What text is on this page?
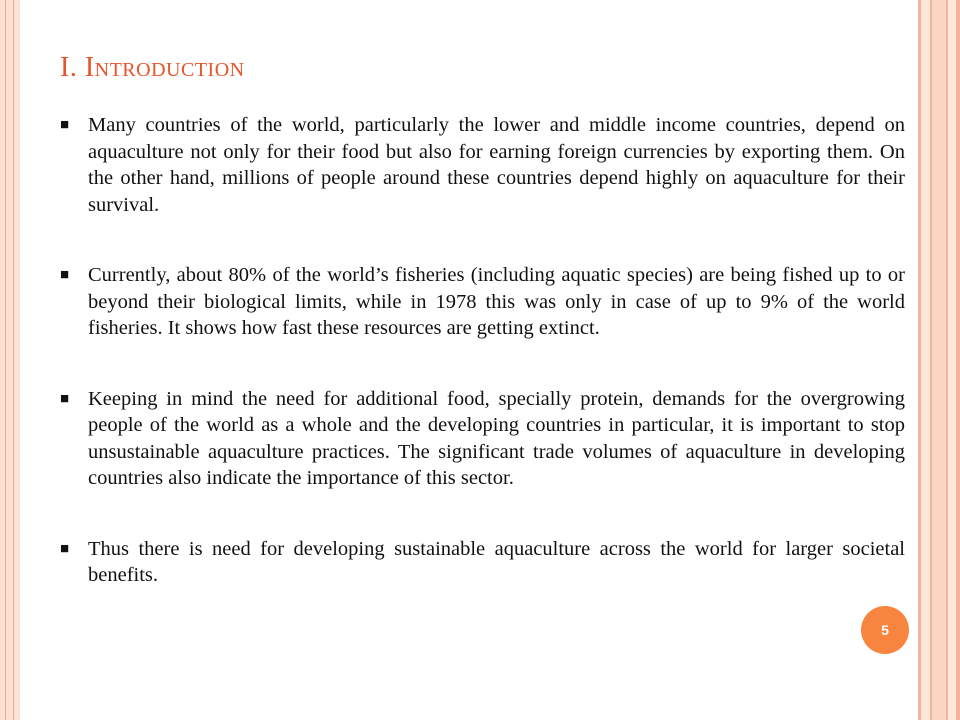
I. Introduction
■ Many countries of the world, particularly the lower and middle income countries, depend on aquaculture not only for their food but also for earning foreign currencies by exporting them. On the other hand, millions of people around these countries depend highly on aquaculture for their survival.
■ Currently, about 80% of the world’s fisheries (including aquatic species) are being fished up to or beyond their biological limits, while in 1978 this was only in case of up to 9% of the world fisheries. It shows how fast these resources are getting extinct.
■ Keeping in mind the need for additional food, specially protein, demands for the overgrowing people of the world as a whole and the developing countries in particular, it is important to stop unsustainable aquaculture practices. The significant trade volumes of aquaculture in developing countries also indicate the importance of this sector.
■ Thus there is need for developing sustainable aquaculture across the world for larger societal benefits.
5
